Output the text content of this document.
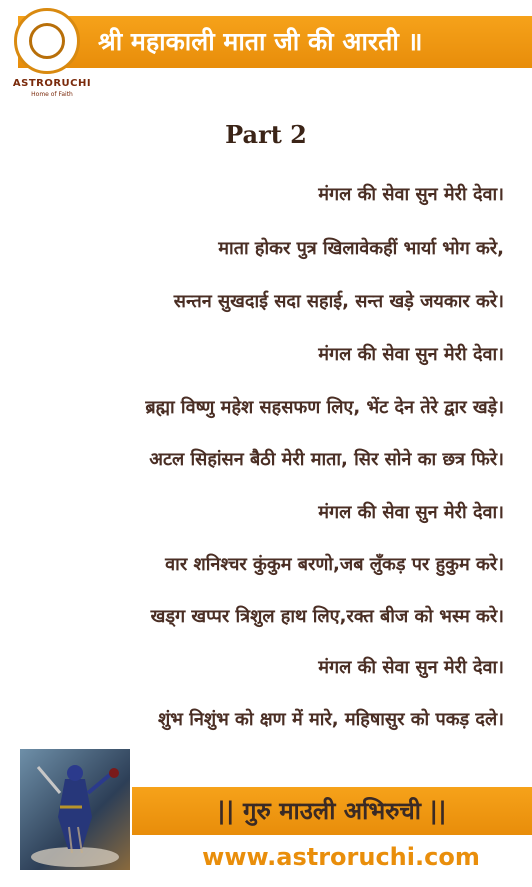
श्री महाकाली माता जी की आरती ॥
ASTRORUCHI
Home of Faith
Part 2
मंगल की सेवा सुन मेरी देवा।
माता होकर पुत्र खिलावेकहीं भार्या भोग करे,
सन्तन सुखदाई सदा सहाई, सन्त खड़े जयकार करे।
मंगल की सेवा सुन मेरी देवा।
ब्रह्मा विष्णु महेश सहसफण लिए, भेंट देन तेरे द्वार खड़े।
अटल सिहांसन बैठी मेरी माता, सिर सोने का छत्र फिरे।
मंगल की सेवा सुन मेरी देवा।
वार शनिश्चर कुंकुम बरणो,जब लुँकड़ पर हुकुम करे।
खड्ग खप्पर त्रिशुल हाथ लिए,रक्त बीज को भस्म करे।
मंगल की सेवा सुन मेरी देवा।
शुंभ निशुंभ को क्षण में मारे, महिषासुर को पकड़ दले।
|| गुरु माउली अभिरुची ||
www.astroruchi.com
